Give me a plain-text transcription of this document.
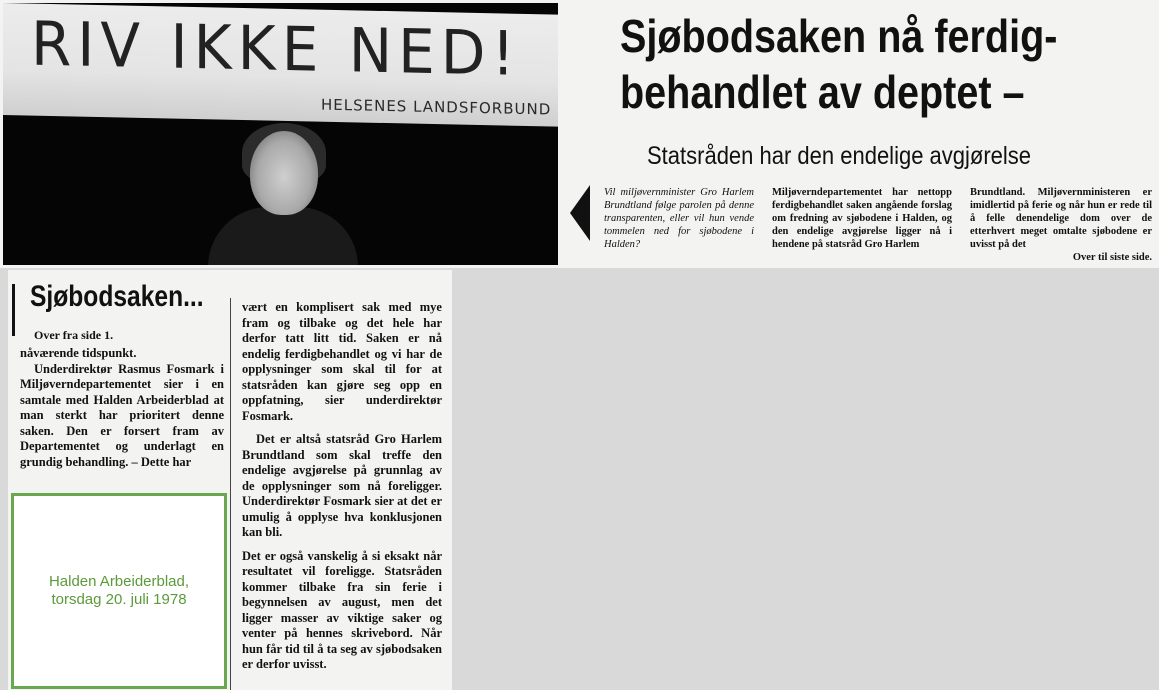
RIV IKKE NED!
HELSENES LANDSFORBUND
Sjøbodsaken nå ferdig-
behandlet av deptet –
Statsråden har den endelige avgjørelse
Vil miljøvernminister Gro Harlem Brundtland følge parolen på denne transparenten, eller vil hun vende tommelen ned for sjøbodene i Halden?
Miljøverndepartementet har nettopp ferdigbehandlet saken angående forslag om fredning av sjøbodene i Halden, og den endelige avgjørelse ligger nå i hendene på statsråd Gro Harlem
Brundtland. Miljøvernministeren er imidlertid på ferie og når hun er rede til å felle denendelige dom over de etterhvert meget omtalte sjøbodene er uvisst på det

Over til siste side.
Sjøbodsaken...
Over fra side 1.

nåværende tidspunkt.

Underdirektør Rasmus Fosmark i Miljøverndepartementet sier i en samtale med Halden Arbeiderblad at man sterkt har prioritert denne saken. Den er forsert fram av Departementet og underlagt en grundig behandling. – Dette har

vært en komplisert sak med mye fram og tilbake og det hele har derfor tatt litt tid. Saken er nå endelig ferdigbehandlet og vi har de opplysninger som skal til for at statsråden kan gjøre seg opp en oppfatning, sier underdirektør Fosmark.

Det er altså statsråd Gro Harlem Brundtland som skal treffe den endelige avgjørelse på grunnlag av de opplysninger som nå foreligger. Underdirektør Fosmark sier at det er umulig å opplyse hva konklusjonen kan bli.

Det er også vanskelig å si eksakt når resultatet vil foreligge. Statsråden kommer tilbake fra sin ferie i begynnelsen av august, men det ligger masser av viktige saker og venter på hennes skrivebord. Når hun får tid til å ta seg av sjøbodsaken er derfor uvisst.

Halden Arbeiderblad,
torsdag 20. juli 1978
